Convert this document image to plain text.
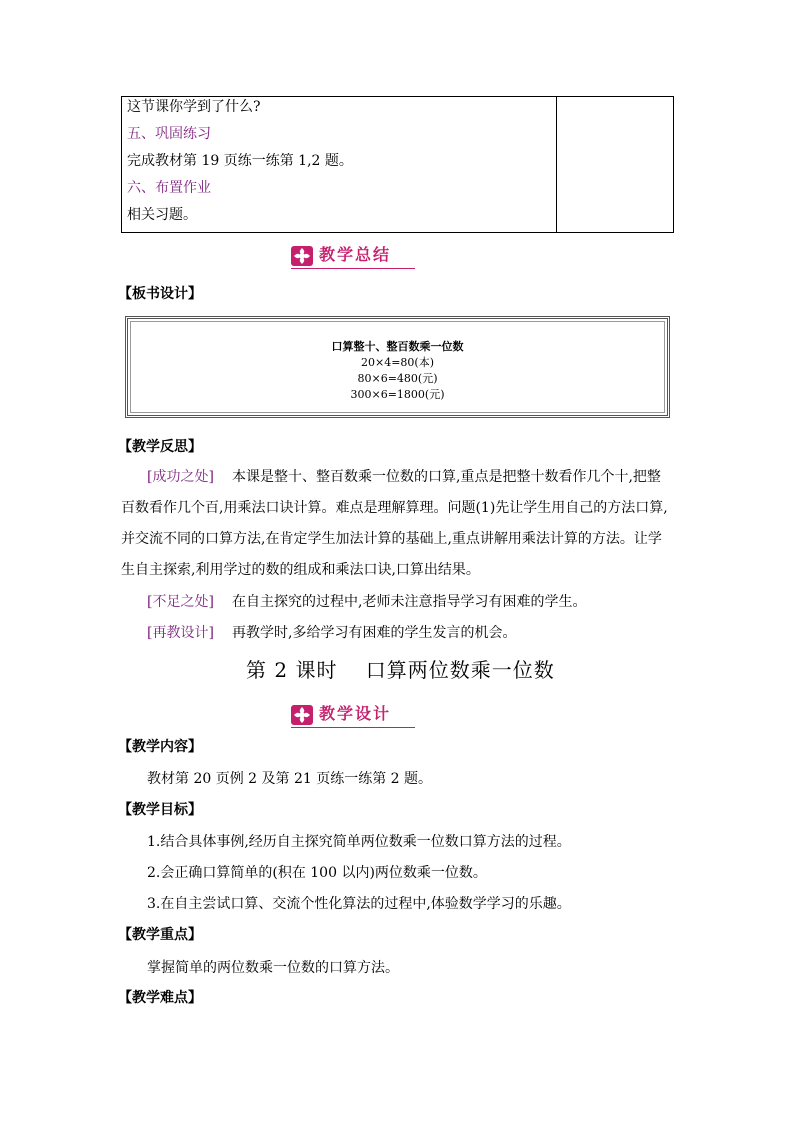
这节课你学到了什么?
五、巩固练习
完成教材第 19 页练一练第 1,2 题。
六、布置作业
相关习题。
教学总结
【板书设计】
口算整十、整百数乘一位数
20×4=80(本)
80×6=480(元)
300×6=1800(元)
【教学反思】
[成功之处] 本课是整十、整百数乘一位数的口算,重点是把整十数看作几个十,把整
百数看作几个百,用乘法口诀计算。难点是理解算理。问题(1)先让学生用自己的方法口算,
并交流不同的口算方法,在肯定学生加法计算的基础上,重点讲解用乘法计算的方法。让学
生自主探索,利用学过的数的组成和乘法口诀,口算出结果。
[不足之处] 在自主探究的过程中,老师未注意指导学习有困难的学生。
[再教设计] 再教学时,多给学习有困难的学生发言的机会。
第 2 课时　 口算两位数乘一位数
教学设计
【教学内容】
教材第 20 页例 2 及第 21 页练一练第 2 题。
【教学目标】
1.结合具体事例,经历自主探究简单两位数乘一位数口算方法的过程。
2.会正确口算简单的(积在 100 以内)两位数乘一位数。
3.在自主尝试口算、交流个性化算法的过程中,体验数学学习的乐趣。
【教学重点】
掌握简单的两位数乘一位数的口算方法。
【教学难点】
